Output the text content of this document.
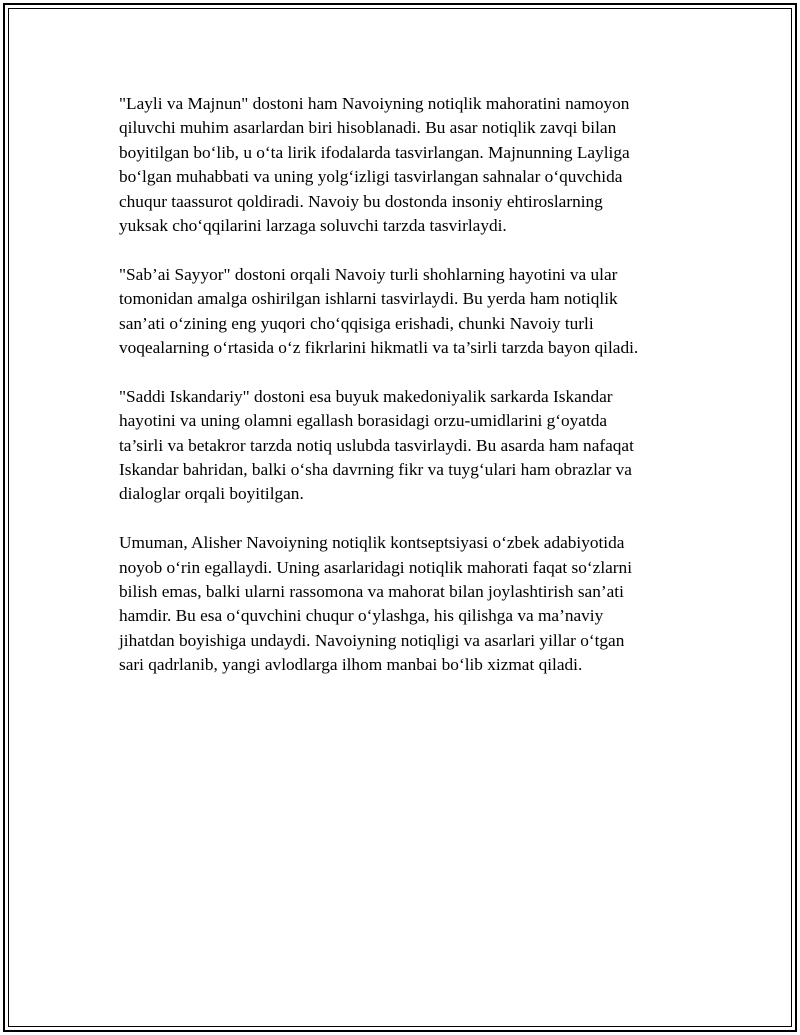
"Layli va Majnun" dostoni ham Navoiyning notiqlik mahoratini namoyon
qiluvchi muhim asarlardan biri hisoblanadi. Bu asar notiqlik zavqi bilan
boyitilgan bo‘lib, u o‘ta lirik ifodalarda tasvirlangan. Majnunning Layliga
bo‘lgan muhabbati va uning yolg‘izligi tasvirlangan sahnalar o‘quvchida
chuqur taassurot qoldiradi. Navoiy bu dostonda insoniy ehtiroslarning
yuksak cho‘qqilarini larzaga soluvchi tarzda tasvirlaydi.

"Sab’ai Sayyor" dostoni orqali Navoiy turli shohlarning hayotini va ular
tomonidan amalga oshirilgan ishlarni tasvirlaydi. Bu yerda ham notiqlik
san’ati o‘zining eng yuqori cho‘qqisiga erishadi, chunki Navoiy turli
voqealarning o‘rtasida o‘z fikrlarini hikmatli va ta’sirli tarzda bayon qiladi.

"Saddi Iskandariy" dostoni esa buyuk makedoniyalik sarkarda Iskandar
hayotini va uning olamni egallash borasidagi orzu-umidlarini g‘oyatda
ta’sirli va betakror tarzda notiq uslubda tasvirlaydi. Bu asarda ham nafaqat
Iskandar bahridan, balki o‘sha davrning fikr va tuyg‘ulari ham obrazlar va
dialoglar orqali boyitilgan.

Umuman, Alisher Navoiyning notiqlik kontseptsiyasi o‘zbek adabiyotida
noyob o‘rin egallaydi. Uning asarlaridagi notiqlik mahorati faqat so‘zlarni
bilish emas, balki ularni rassomona va mahorat bilan joylashtirish san’ati
hamdir. Bu esa o‘quvchini chuqur o‘ylashga, his qilishga va ma’naviy
jihatdan boyishiga undaydi. Navoiyning notiqligi va asarlari yillar o‘tgan
sari qadrlanib, yangi avlodlarga ilhom manbai bo‘lib xizmat qiladi.
